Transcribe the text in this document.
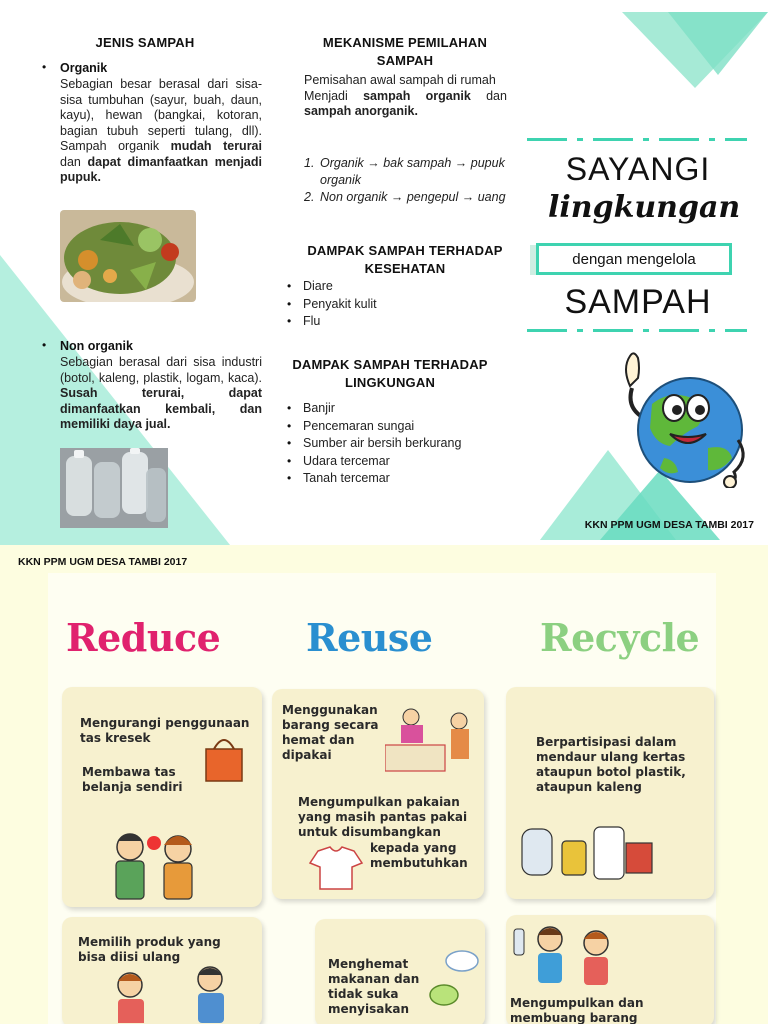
JENIS SAMPAH
• Organik
Sebagian besar berasal dari sisa-sisa tumbuhan (sayur, buah, daun, kayu), hewan (bangkai, kotoran, bagian tubuh seperti tulang, dll). Sampah organik mudah terurai dan dapat dimanfaatkan menjadi pupuk.
• Non organik
Sebagian berasal dari sisa industri (botol, kaleng, plastik, logam, kaca). Susah terurai, dapat dimanfaatkan kembali, dan memiliki daya jual.
MEKANISME PEMILAHAN SAMPAH
Pemisahan awal sampah di rumah
Menjadi sampah organik dan sampah anorganik.
1. Organik → bak sampah → pupuk organik
2. Non organik → pengepul → uang
DAMPAK SAMPAH TERHADAP KESEHATAN
• Diare
• Penyakit kulit
• Flu
DAMPAK SAMPAH TERHADAP LINGKUNGAN
• Banjir
• Pencemaran sungai
• Sumber air bersih berkurang
• Udara tercemar
• Tanah tercemar
SAYANGI
lingkungan
dengan mengelola
SAMPAH
KKN PPM UGM DESA TAMBI 2017
KKN PPM UGM DESA TAMBI 2017
Reduce Reuse	Recycle
Mengurangi penggunaan tas kresek
Membawa tas belanja sendiri
Memilih produk yang bisa diisi ulang
Menggunakan barang secara hemat dan dipakai
Mengumpulkan pakaian yang masih pantas pakai untuk disumbangkan
kepada yang membutuhkan
Menghemat makanan dan tidak suka menyisakan
Berpartisipasi dalam mendaur ulang kertas ataupun botol plastik, ataupun kaleng
Mengumpulkan dan membuang barang
